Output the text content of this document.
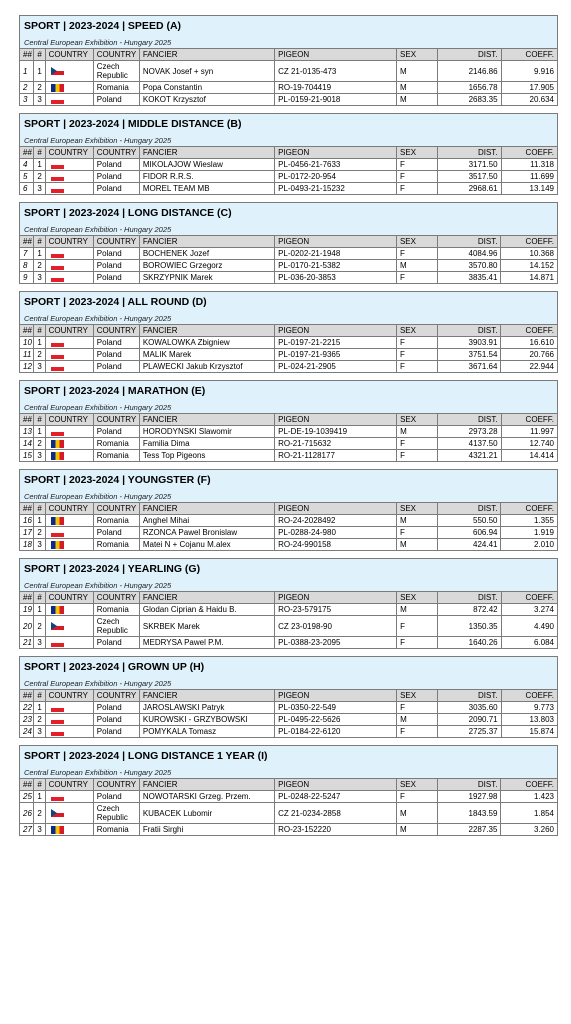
SPORT | 2023-2024 | SPEED (A)								
Central European Exhibition - Hungary 2025								
##	#	COUNTRY	COUNTRY	FANCIER	PIGEON	SEX	DIST.	COEFF.
1	1		Czech Republic	NOVAK Josef + syn	CZ 21-0135-473	M	2146.86	9.916
2	2		Romania	Popa Constantin	RO-19-704419	M	1656.78	17.905
3	3		Poland	KOKOT Krzysztof	PL-0159-21-9018	M	2683.35	20.634
SPORT | 2023-2024 | MIDDLE DISTANCE (B)								
Central European Exhibition - Hungary 2025								
##	#	COUNTRY	COUNTRY	FANCIER	PIGEON	SEX	DIST.	COEFF.
4	1		Poland	MIKOLAJOW Wieslaw	PL-0456-21-7633	F	3171.50	11.318
5	2		Poland	FIDOR R.R.S.	PL-0172-20-954	F	3517.50	11.699
6	3		Poland	MOREL TEAM MB	PL-0493-21-15232	F	2968.61	13.149
SPORT | 2023-2024 | LONG DISTANCE (C)								
Central European Exhibition - Hungary 2025								
##	#	COUNTRY	COUNTRY	FANCIER	PIGEON	SEX	DIST.	COEFF.
7	1		Poland	BOCHENEK Jozef	PL-0202-21-1948	F	4084.96	10.368
8	2		Poland	BOROWIEC Grzegorz	PL-0170-21-5382	M	3570.80	14.152
9	3		Poland	SKRZYPNIK Marek	PL-036-20-3853	F	3835.41	14.871
SPORT | 2023-2024 | ALL ROUND (D)								
Central European Exhibition - Hungary 2025								
##	#	COUNTRY	COUNTRY	FANCIER	PIGEON	SEX	DIST.	COEFF.
10	1		Poland	KOWALOWKA Zbigniew	PL-0197-21-2215	F	3903.91	16.610
11	2		Poland	MALIK Marek	PL-0197-21-9365	F	3751.54	20.766
12	3		Poland	PLAWECKI Jakub Krzysztof	PL-024-21-2905	F	3671.64	22.944
SPORT | 2023-2024 | MARATHON (E)								
Central European Exhibition - Hungary 2025								
##	#	COUNTRY	COUNTRY	FANCIER	PIGEON	SEX	DIST.	COEFF.
13	1		Poland	HORODYNSKI Slawomir	PL-DE-19-1039419	M	2973.28	11.997
14	2		Romania	Familia Dima	RO-21-715632	F	4137.50	12.740
15	3		Romania	Tess Top Pigeons	RO-21-1128177	F	4321.21	14.414
SPORT | 2023-2024 | YOUNGSTER (F)								
Central European Exhibition - Hungary 2025								
##	#	COUNTRY	COUNTRY	FANCIER	PIGEON	SEX	DIST.	COEFF.
16	1		Romania	Anghel Mihai	RO-24-2028492	M	550.50	1.355
17	2		Poland	RZONCA Pawel Bronislaw	PL-0288-24-980	F	606.94	1.919
18	3		Romania	Matei N + Cojanu M.alex	RO-24-990158	M	424.41	2.010
SPORT | 2023-2024 | YEARLING (G)								
Central European Exhibition - Hungary 2025								
##	#	COUNTRY	COUNTRY	FANCIER	PIGEON	SEX	DIST.	COEFF.
19	1		Romania	Glodan Ciprian & Haidu B.	RO-23-579175	M	872.42	3.274
20	2		Czech Republic	SKRBEK Marek	CZ 23-0198-90	F	1350.35	4.490
21	3		Poland	MEDRYSA Pawel P.M.	PL-0388-23-2095	F	1640.26	6.084
SPORT | 2023-2024 | GROWN UP (H)								
Central European Exhibition - Hungary 2025								
##	#	COUNTRY	COUNTRY	FANCIER	PIGEON	SEX	DIST.	COEFF.
22	1		Poland	JAROSLAWSKI Patryk	PL-0350-22-549	F	3035.60	9.773
23	2		Poland	KUROWSKI - GRZYBOWSKI	PL-0495-22-5626	M	2090.71	13.803
24	3		Poland	POMYKALA Tomasz	PL-0184-22-6120	F	2725.37	15.874
SPORT | 2023-2024 | LONG DISTANCE 1 YEAR (I)								
Central European Exhibition - Hungary 2025								
##	#	COUNTRY	COUNTRY	FANCIER	PIGEON	SEX	DIST.	COEFF.
25	1		Poland	NOWOTARSKI Grzeg. Przem.	PL-0248-22-5247	F	1927.98	1.423
26	2		Czech Republic	KUBACEK Lubomir	CZ 21-0234-2858	M	1843.59	1.854
27	3		Romania	Fratii Sirghi	RO-23-152220	M	2287.35	3.260
